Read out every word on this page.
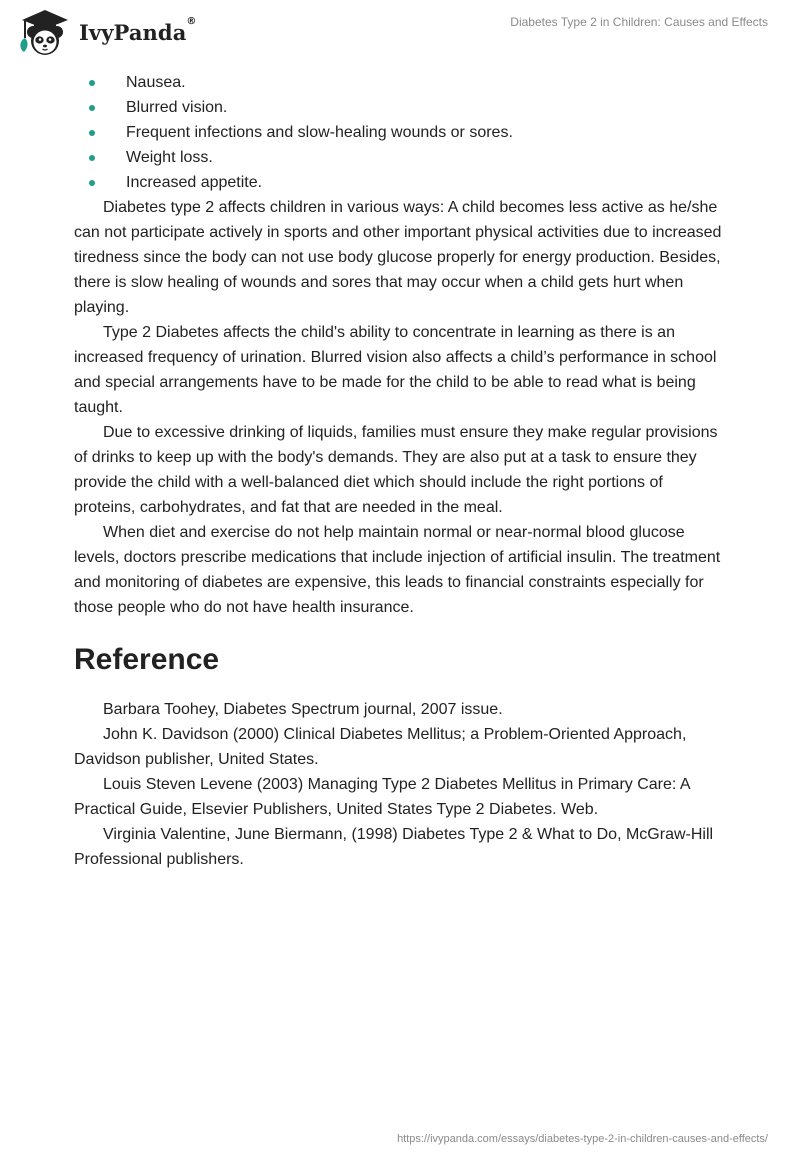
IvyPanda®	Diabetes Type 2 in Children: Causes and Effects
Nausea.
Blurred vision.
Frequent infections and slow-healing wounds or sores.
Weight loss.
Increased appetite.

Diabetes type 2 affects children in various ways: A child becomes less active as he/she can not participate actively in sports and other important physical activities due to increased tiredness since the body can not use body glucose properly for energy production. Besides, there is slow healing of wounds and sores that may occur when a child gets hurt when playing.

Type 2 Diabetes affects the child's ability to concentrate in learning as there is an increased frequency of urination. Blurred vision also affects a child’s performance in school and special arrangements have to be made for the child to be able to read what is being taught.

Due to excessive drinking of liquids, families must ensure they make regular provisions of drinks to keep up with the body's demands. They are also put at a task to ensure they provide the child with a well-balanced diet which should include the right portions of proteins, carbohydrates, and fat that are needed in the meal.

When diet and exercise do not help maintain normal or near-normal blood glucose levels, doctors prescribe medications that include injection of artificial insulin. The treatment and monitoring of diabetes are expensive, this leads to financial constraints especially for those people who do not have health insurance.

Reference

Barbara Toohey, Diabetes Spectrum journal, 2007 issue.

John K. Davidson (2000) Clinical Diabetes Mellitus; a Problem-Oriented Approach, Davidson publisher, United States.

Louis Steven Levene (2003) Managing Type 2 Diabetes Mellitus in Primary Care: A Practical Guide, Elsevier Publishers, United States Type 2 Diabetes. Web.

Virginia Valentine, June Biermann, (1998) Diabetes Type 2 & What to Do, McGraw-Hill Professional publishers.

https://ivypanda.com/essays/diabetes-type-2-in-children-causes-and-effects/
